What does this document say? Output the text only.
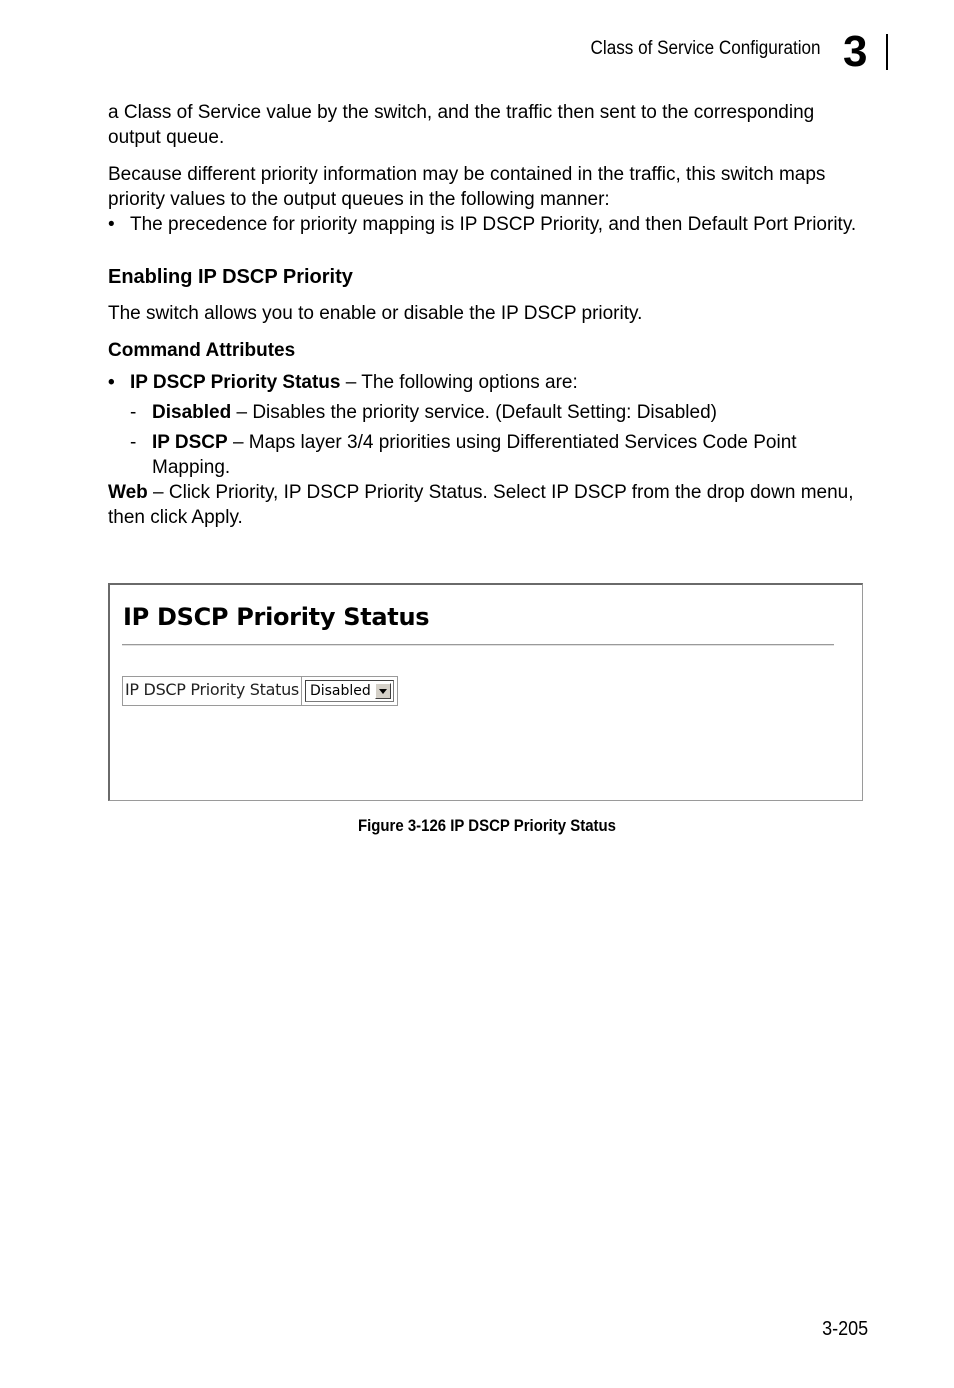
Class of Service Configuration 3

a Class of Service value by the switch, and the traffic then sent to the corresponding output queue.

Because different priority information may be contained in the traffic, this switch maps priority values to the output queues in the following manner:

• The precedence for priority mapping is IP DSCP Priority, and then Default Port Priority.
Enabling IP DSCP Priority

The switch allows you to enable or disable the IP DSCP priority.

Command Attributes
• IP DSCP Priority Status – The following options are:
- Disabled – Disables the priority service. (Default Setting: Disabled)
- IP DSCP – Maps layer 3/4 priorities using Differentiated Services Code Point Mapping.

Web – Click Priority, IP DSCP Priority Status. Select IP DSCP from the drop down menu, then click Apply.

IP DSCP Priority Status
IP DSCP Priority Status Disabled
Figure 3-126 IP DSCP Priority Status
3-205
